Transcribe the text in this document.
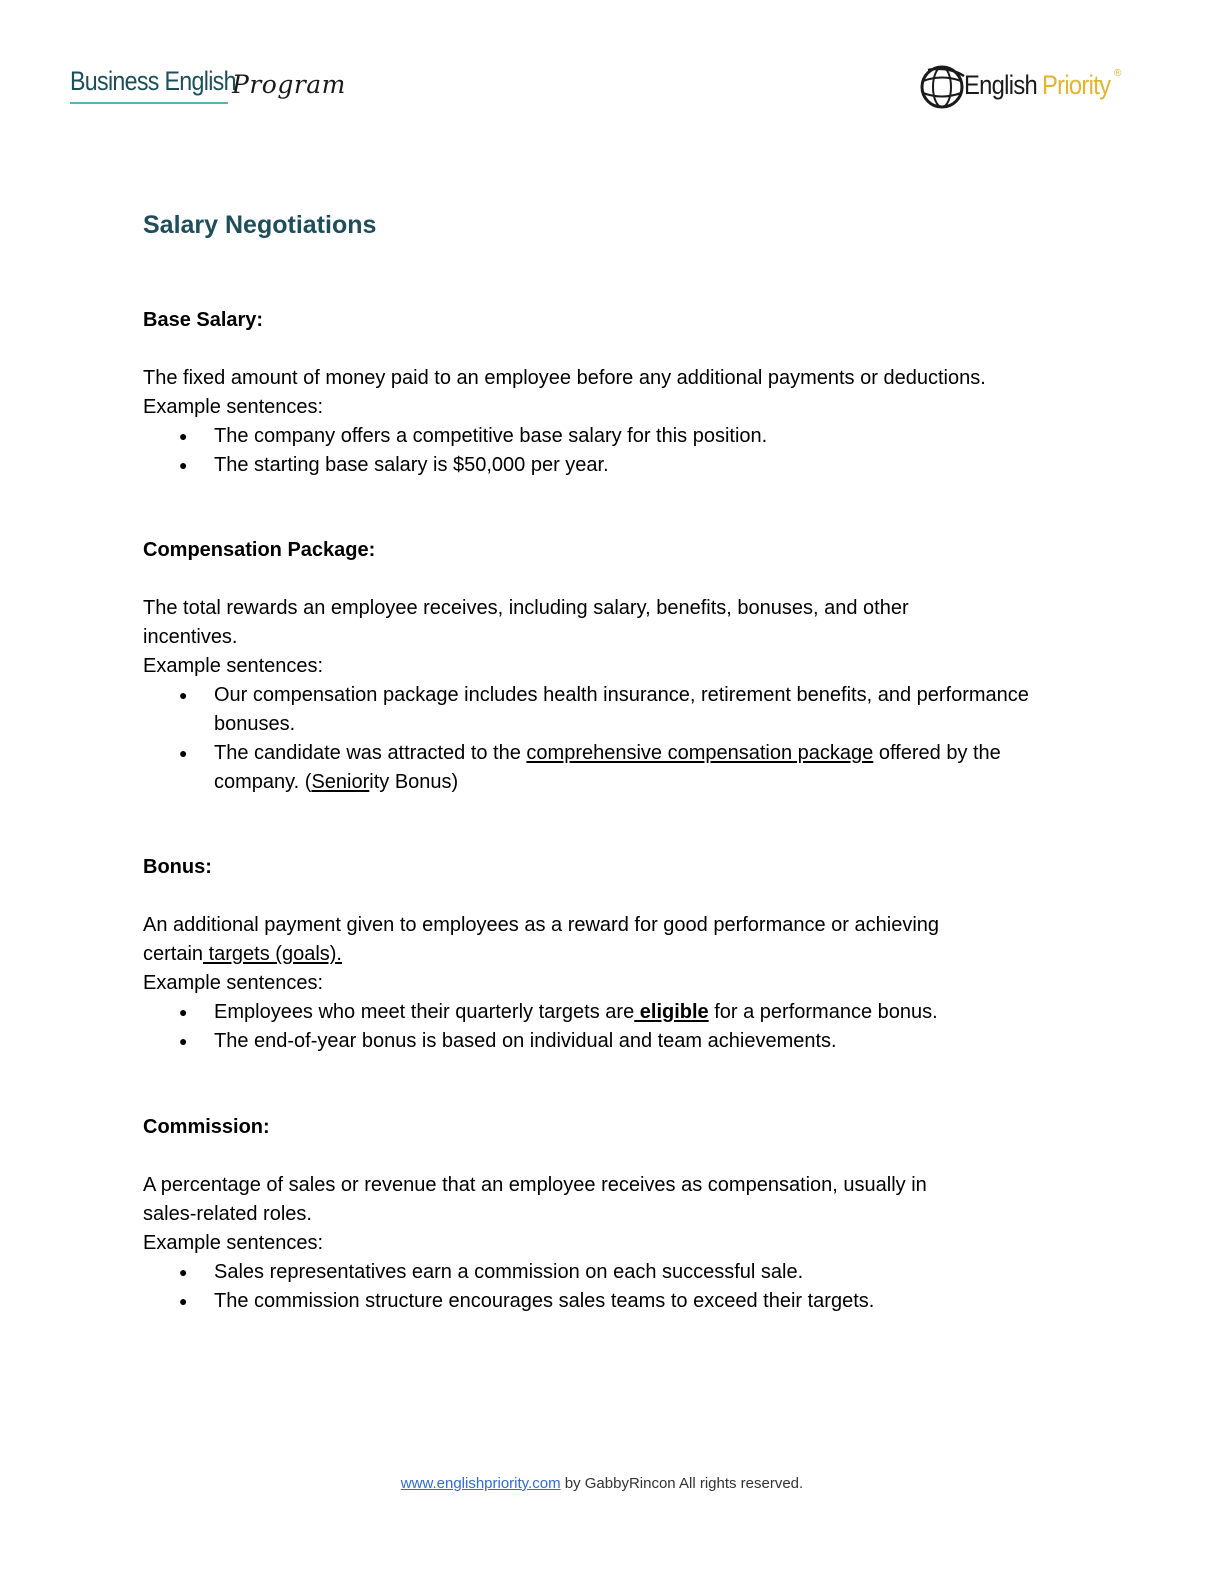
Business English
Program	English Priority ®
Salary Negotiations

Base Salary:

The fixed amount of money paid to an employee before any additional payments or deductions.

Example sentences:

● The company offers a competitive base salary for this position.
● The starting base salary is $50,000 per year.

Compensation Package:

The total rewards an employee receives, including salary, benefits, bonuses, and other
incentives.

Example sentences:

● Our compensation package includes health insurance, retirement benefits, and performance bonuses.
● The candidate was attracted to the comprehensive compensation package offered by the company. (Seniority Bonus)

Bonus:

An additional payment given to employees as a reward for good performance or achieving
certain targets (goals).

Example sentences:

● Employees who meet their quarterly targets are eligible for a performance bonus.
● The end-of-year bonus is based on individual and team achievements.

Commission:

A percentage of sales or revenue that an employee receives as compensation, usually in
sales-related roles.

Example sentences:

● Sales representatives earn a commission on each successful sale.
● The commission structure encourages sales teams to exceed their targets.
www.englishpriority.com by GabbyRincon All rights reserved.
